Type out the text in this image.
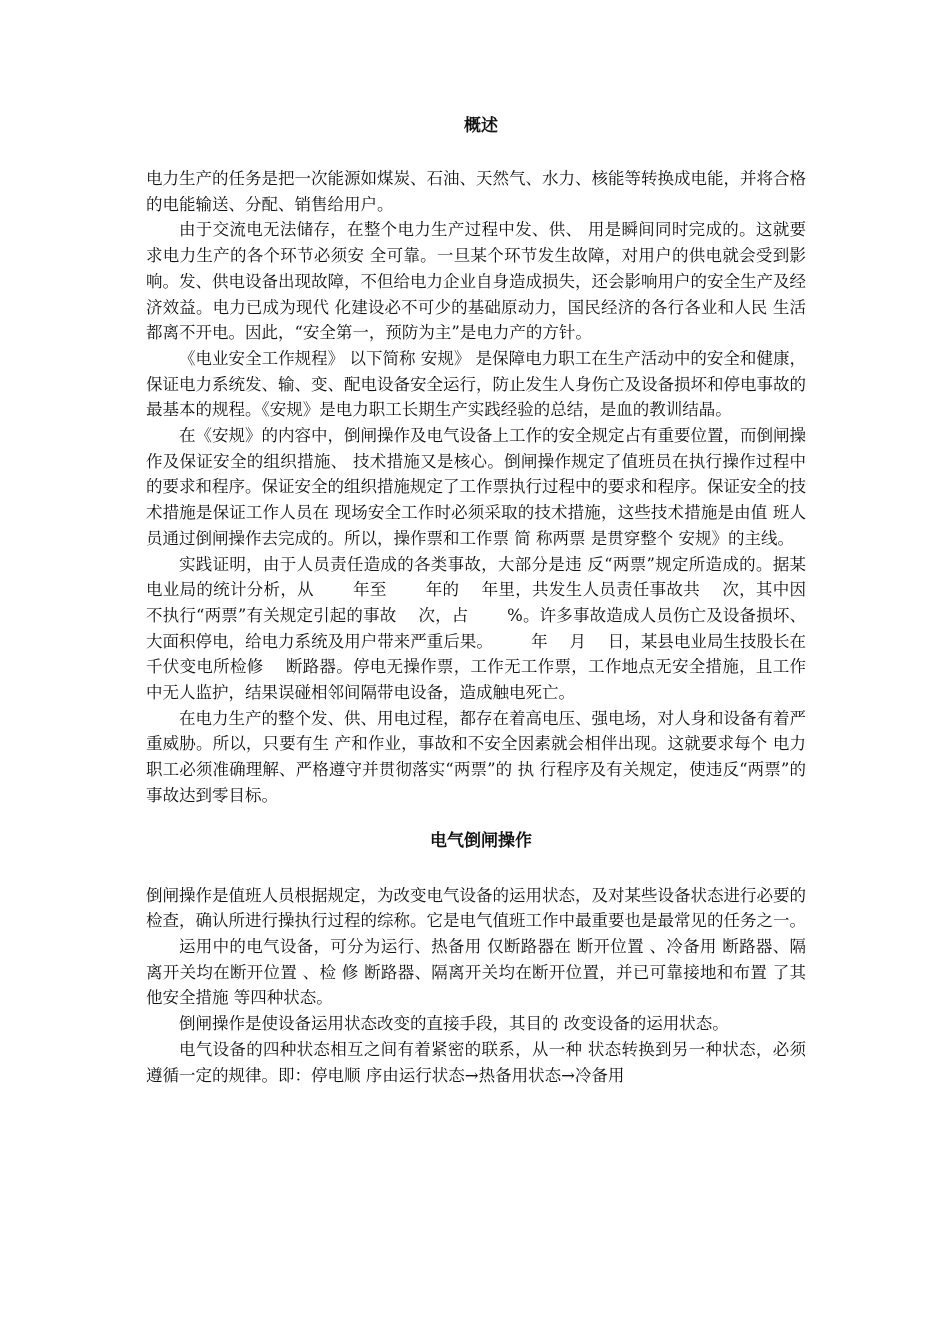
概述

电力生产的任务是把一次能源如煤炭、石油、天然气、水力、核能等转换成电能，并将合格的电能输送、分配、销售给用户。

由于交流电无法储存，在整个电力生产过程中发、供、 用是瞬间同时完成的。这就要求电力生产的各个环节必须安 全可靠。一旦某个环节发生故障，对用户的供电就会受到影 响。发、供电设备出现故障，不但给电力企业自身造成损失，还会影响用户的安全生产及经济效益。电力已成为现代 化建设必不可少的基础原动力，国民经济的各行各业和人民 生活都离不开电。因此，“安全第一，预防为主”是电力产的方针。

《电业安全工作规程》 以下简称 安规》 是保障电力职工在生产活动中的安全和健康，保证电力系统发、输、变、配电设备安全运行，防止发生人身伤亡及设备损坏和停电事故的最基本的规程。《安规》是电力职工长期生产实践经验的总结，是血的教训结晶。

在《安规》的内容中，倒闸操作及电气设备上工作的安全规定占有重要位置，而倒闸操作及保证安全的组织措施、 技术措施又是核心。倒闸操作规定了值班员在执行操作过程中的要求和程序。保证安全的组织措施规定了工作票执行过程中的要求和程序。保证安全的技术措施是保证工作人员在 现场安全工作时必须采取的技术措施，这些技术措施是由值 班人员通过倒闸操作去完成的。所以，操作票和工作票 简 称两票 是贯穿整个 安规》的主线。

实践证明，由于人员责任造成的各类事故，大部分是违 反“两票”规定所造成的。据某电业局的统计分析，从 　　年至 　　年的 　年里，共发生人员责任事故共 　次，其中因不执行“两票”有关规定引起的事故 　次，占 　　%。许多事故造成人员伤亡及设备损坏、大面积停电，给电力系统及用户带来严重后果。 　　年 　月 　日，某县电业局生技股长在 　千伏变电所检修 　断路器。停电无操作票，工作无工作票，工作地点无安全措施，且工作中无人监护，结果误碰相邻间隔带电设备，造成触电死亡。

在电力生产的整个发、供、用电过程，都存在着高电压、强电场，对人身和设备有着严重威胁。所以，只要有生 产和作业，事故和不安全因素就会相伴出现。这就要求每个 电力职工必须准确理解、严格遵守并贯彻落实“两票”的 执 行程序及有关规定，使违反“两票”的事故达到零目标。

电气倒闸操作

倒闸操作是值班人员根据规定，为改变电气设备的运用状态，及对某些设备状态进行必要的检查，确认所进行操执行过程的综称。它是电气值班工作中最重要也是最常见的任务之一。

运用中的电气设备，可分为运行、热备用 仅断路器在 断开位置 、冷备用 断路器、隔离开关均在断开位置 、检 修 断路器、隔离开关均在断开位置，并已可靠接地和布置 了其他安全措施 等四种状态。

倒闸操作是使设备运用状态改变的直接手段，其目的 改变设备的运用状态。

电气设备的四种状态相互之间有着紧密的联系，从一种 状态转换到另一种状态，必须遵循一定的规律。即：停电顺 序由运行状态→热备用状态→冷备用
